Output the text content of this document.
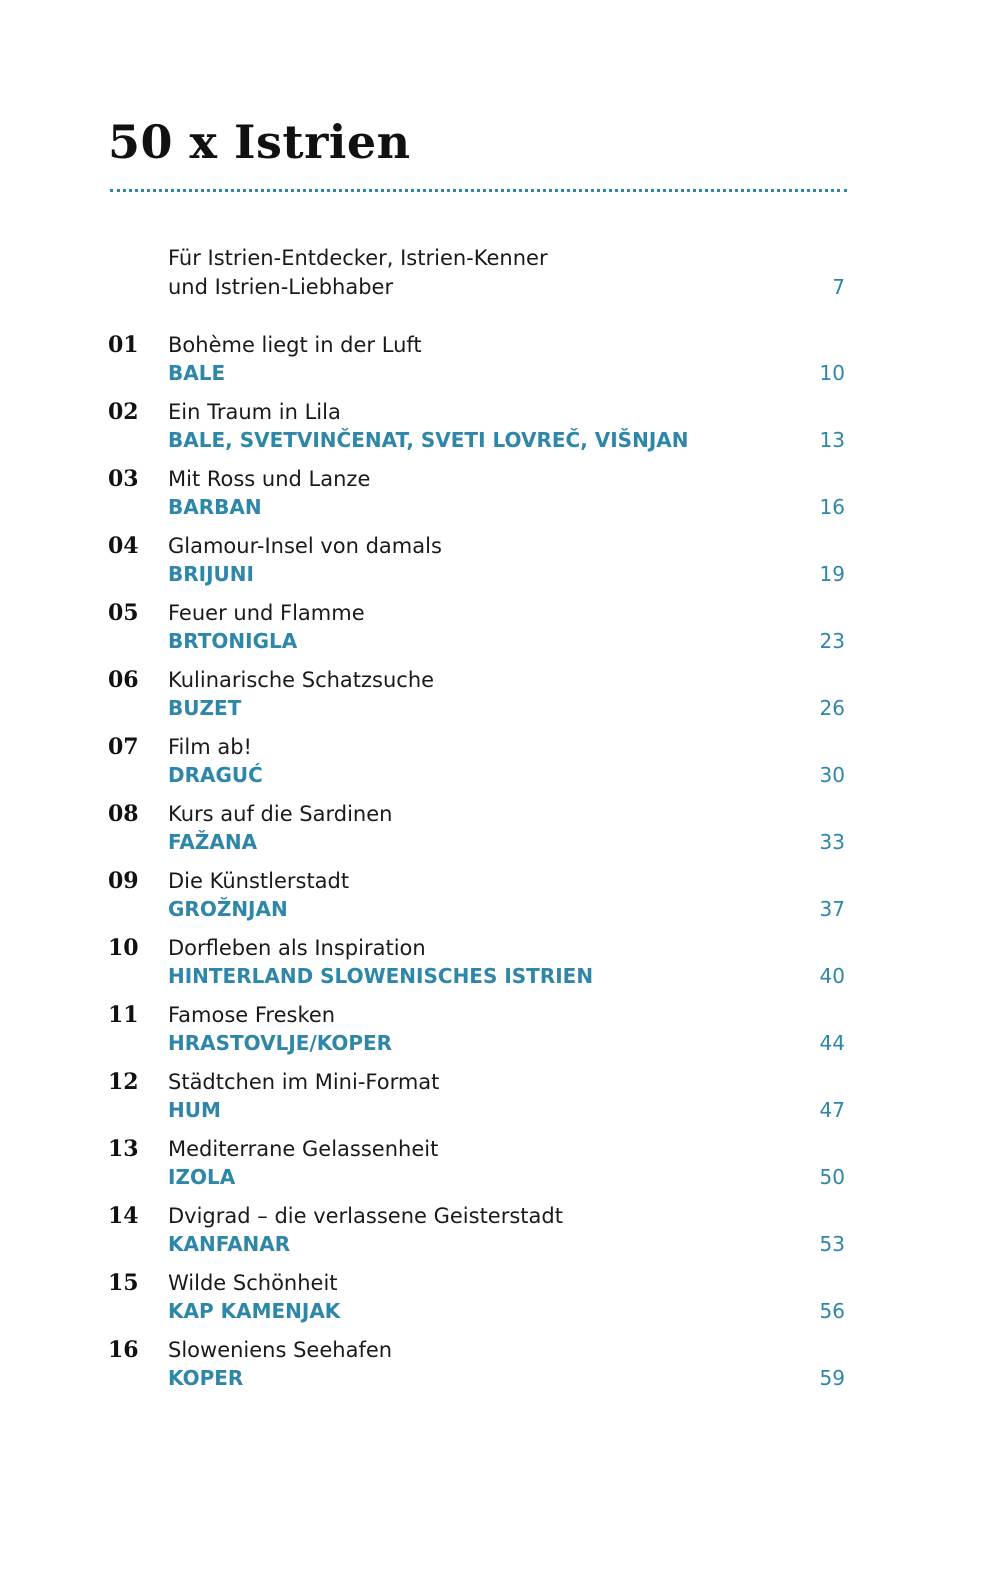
50 x Istrien
Für Istrien-Entdecker, Istrien-Kenner
und Istrien-Liebhaber	7
01 Bohème liegt in der Luft
BALE	10
02 Ein Traum in Lila
BALE, SVETVINČENAT, SVETI LOVREČ, VIŠNJAN	13
03 Mit Ross und Lanze
BARBAN	16
04 Glamour-Insel von damals
BRIJUNI	19
05 Feuer und Flamme
BRTONIGLA	23
06 Kulinarische Schatzsuche
BUZET	26
07 Film ab!
DRAGUĆ	30
08 Kurs auf die Sardinen
FAŽANA	33
09 Die Künstlerstadt
GROŽNJAN	37
10 Dorfleben als Inspiration
HINTERLAND SLOWENISCHES ISTRIEN	40
11 Famose Fresken
HRASTOVLJE/KOPER	44
12 Städtchen im Mini-Format
HUM	47
13 Mediterrane Gelassenheit
IZOLA	50
14 Dvigrad – die verlassene Geisterstadt
KANFANAR	53
15 Wilde Schönheit
KAP KAMENJAK	56
16 Sloweniens Seehafen
KOPER	59
